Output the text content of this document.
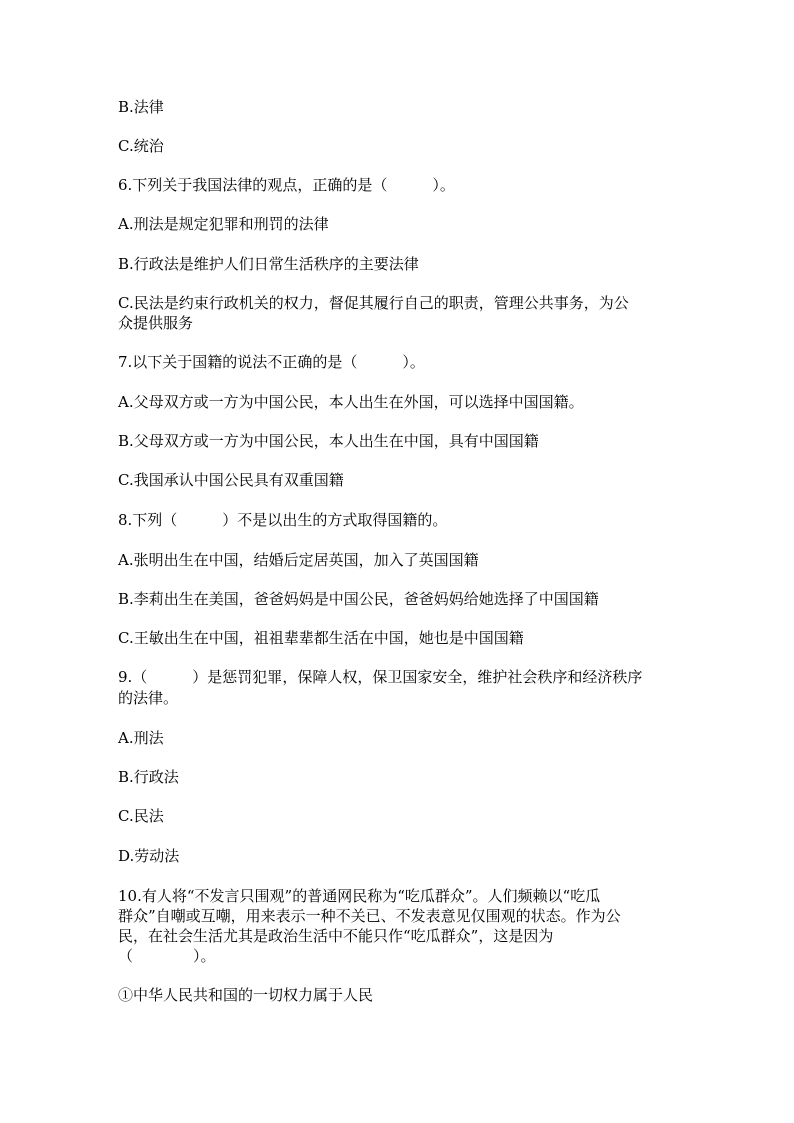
B.法律
C.统治
6.下列关于我国法律的观点，正确的是（　　　）。
A.刑法是规定犯罪和刑罚的法律
B.行政法是维护人们日常生活秩序的主要法律
C.民法是约束行政机关的权力，督促其履行自己的职责，管理公共事务，为公
众提供服务
7.以下关于国籍的说法不正确的是（　　　）。
A.父母双方或一方为中国公民，本人出生在外国，可以选择中国国籍。
B.父母双方或一方为中国公民，本人出生在中国，具有中国国籍
C.我国承认中国公民具有双重国籍
8.下列（　　　）不是以出生的方式取得国籍的。
A.张明出生在中国，结婚后定居英国，加入了英国国籍
B.李莉出生在美国，爸爸妈妈是中国公民，爸爸妈妈给她选择了中国国籍
C.王敏出生在中国，祖祖辈辈都生活在中国，她也是中国国籍
9.（　　　）是惩罚犯罪，保障人权，保卫国家安全，维护社会秩序和经济秩序
的法律。
A.刑法
B.行政法
C.民法
D.劳动法
10.有人将“不发言只围观”的普通网民称为“吃瓜群众”。人们频赖以“吃瓜
群众”自嘲或互嘲，用来表示一种不关已、不发表意见仅围观的状态。作为公
民，在社会生活尤其是政治生活中不能只作“吃瓜群众”，这是因为
（　　　　）。
①中华人民共和国的一切权力属于人民
